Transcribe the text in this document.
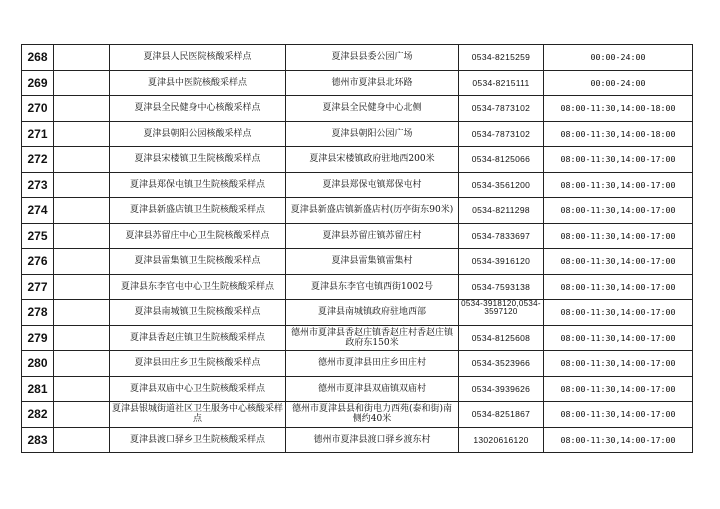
268		夏津县人民医院核酸采样点	夏津县县委公园广场	0534-8215259	00:00-24:00
269		夏津县中医院核酸采样点	德州市夏津县北环路	0534-8215111	00:00-24:00
270		夏津县全民健身中心核酸采样点	夏津县全民健身中心北侧	0534-7873102	08:00-11:30,14:00-18:00
271		夏津县朝阳公园核酸采样点	夏津县朝阳公园广场	0534-7873102	08:00-11:30,14:00-18:00
272		夏津县宋楼镇卫生院核酸采样点	夏津县宋楼镇政府驻地西200米	0534-8125066	08:00-11:30,14:00-17:00
273		夏津县郑保屯镇卫生院核酸采样点	夏津县郑保屯镇郑保屯村	0534-3561200	08:00-11:30,14:00-17:00
274		夏津县新盛店镇卫生院核酸采样点	夏津县新盛店镇新盛店村(历亭街东90米)	0534-8211298	08:00-11:30,14:00-17:00
275		夏津县苏留庄中心卫生院核酸采样点	夏津县苏留庄镇苏留庄村	0534-7833697	08:00-11:30,14:00-17:00
276		夏津县雷集镇卫生院核酸采样点	夏津县雷集镇雷集村	0534-3916120	08:00-11:30,14:00-17:00
277		夏津县东李官屯中心卫生院核酸采样点	夏津县东李官屯镇西街1002号	0534-7593138	08:00-11:30,14:00-17:00
278		夏津县南城镇卫生院核酸采样点	夏津县南城镇政府驻地西部	0534-3918120,0534-3597120	08:00-11:30,14:00-17:00
279		夏津县香赵庄镇卫生院核酸采样点	德州市夏津县香赵庄镇香赵庄村香赵庄镇政府东150米	0534-8125608	08:00-11:30,14:00-17:00
280		夏津县田庄乡卫生院核酸采样点	德州市夏津县田庄乡田庄村	0534-3523966	08:00-11:30,14:00-17:00
281		夏津县双庙中心卫生院核酸采样点	德州市夏津县双庙镇双庙村	0534-3939626	08:00-11:30,14:00-17:00
282		夏津县银城街道社区卫生服务中心核酸采样点	德州市夏津县县和街电力西苑(泰和街)南侧约40米	0534-8251867	08:00-11:30,14:00-17:00
283		夏津县渡口驿乡卫生院核酸采样点	德州市夏津县渡口驿乡渡东村	13020616120	08:00-11:30,14:00-17:00
